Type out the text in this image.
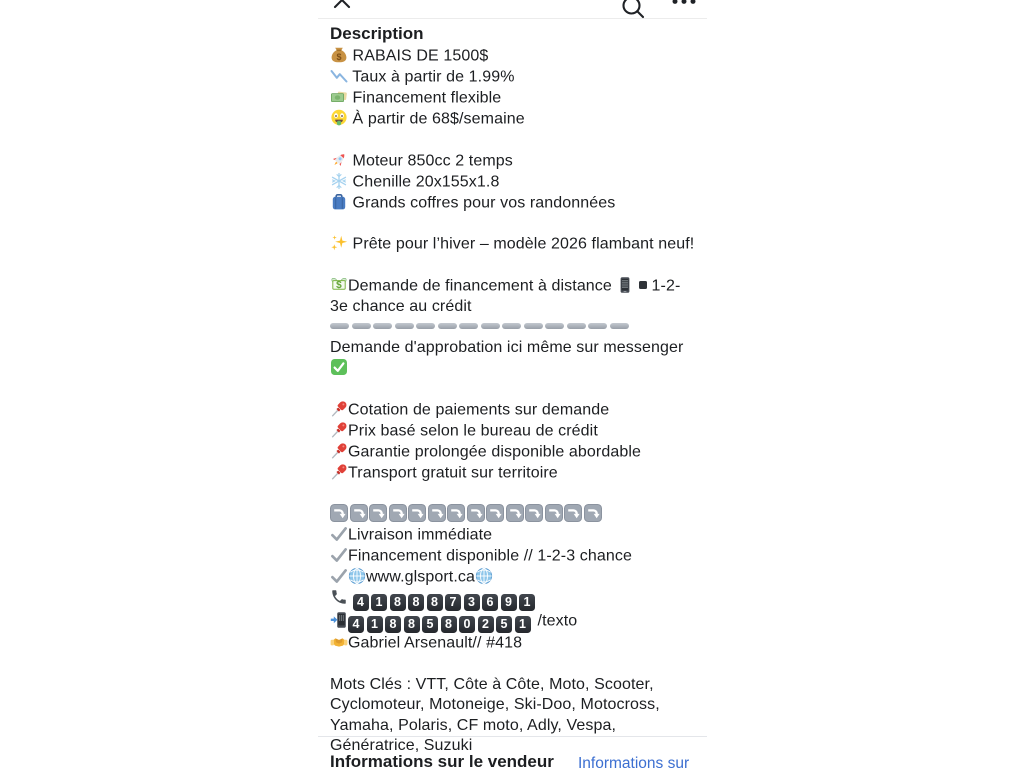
Description
$ RABAIS DE 1500$
Taux à partir de 1.99%
Financement flexible
À partir de 68$/semaine
Moteur 850cc 2 temps
Chenille 20x155x1.8
Grands coffres pour vos randonnées
Prête pour l’hiver – modèle 2026 flambant neuf!
$ Demande de financement à distance
1-2-3e chance au crédit
Demande d'approbation ici même sur messenger
Cotation de paiements sur demande
Prix basé selon le bureau de crédit
Garantie prolongée disponible abordable
Transport gratuit sur territoire
Livraison immédiate
Financement disponible // 1-2-3 chance
www.glsport.ca
4 1 8 8 8 7 3 6 9 1
4 1 8 8 5 8 0 2 5 1 /texto
Gabriel Arsenault// #418
Mots Clés : VTT, Côte à Côte, Moto, Scooter, Cyclomoteur, Motoneige, Ski-Doo, Motocross, Yamaha, Polaris, CF moto, Adly, Vespa, Génératrice, Suzuki
Informations sur le vendeur Informations sur
